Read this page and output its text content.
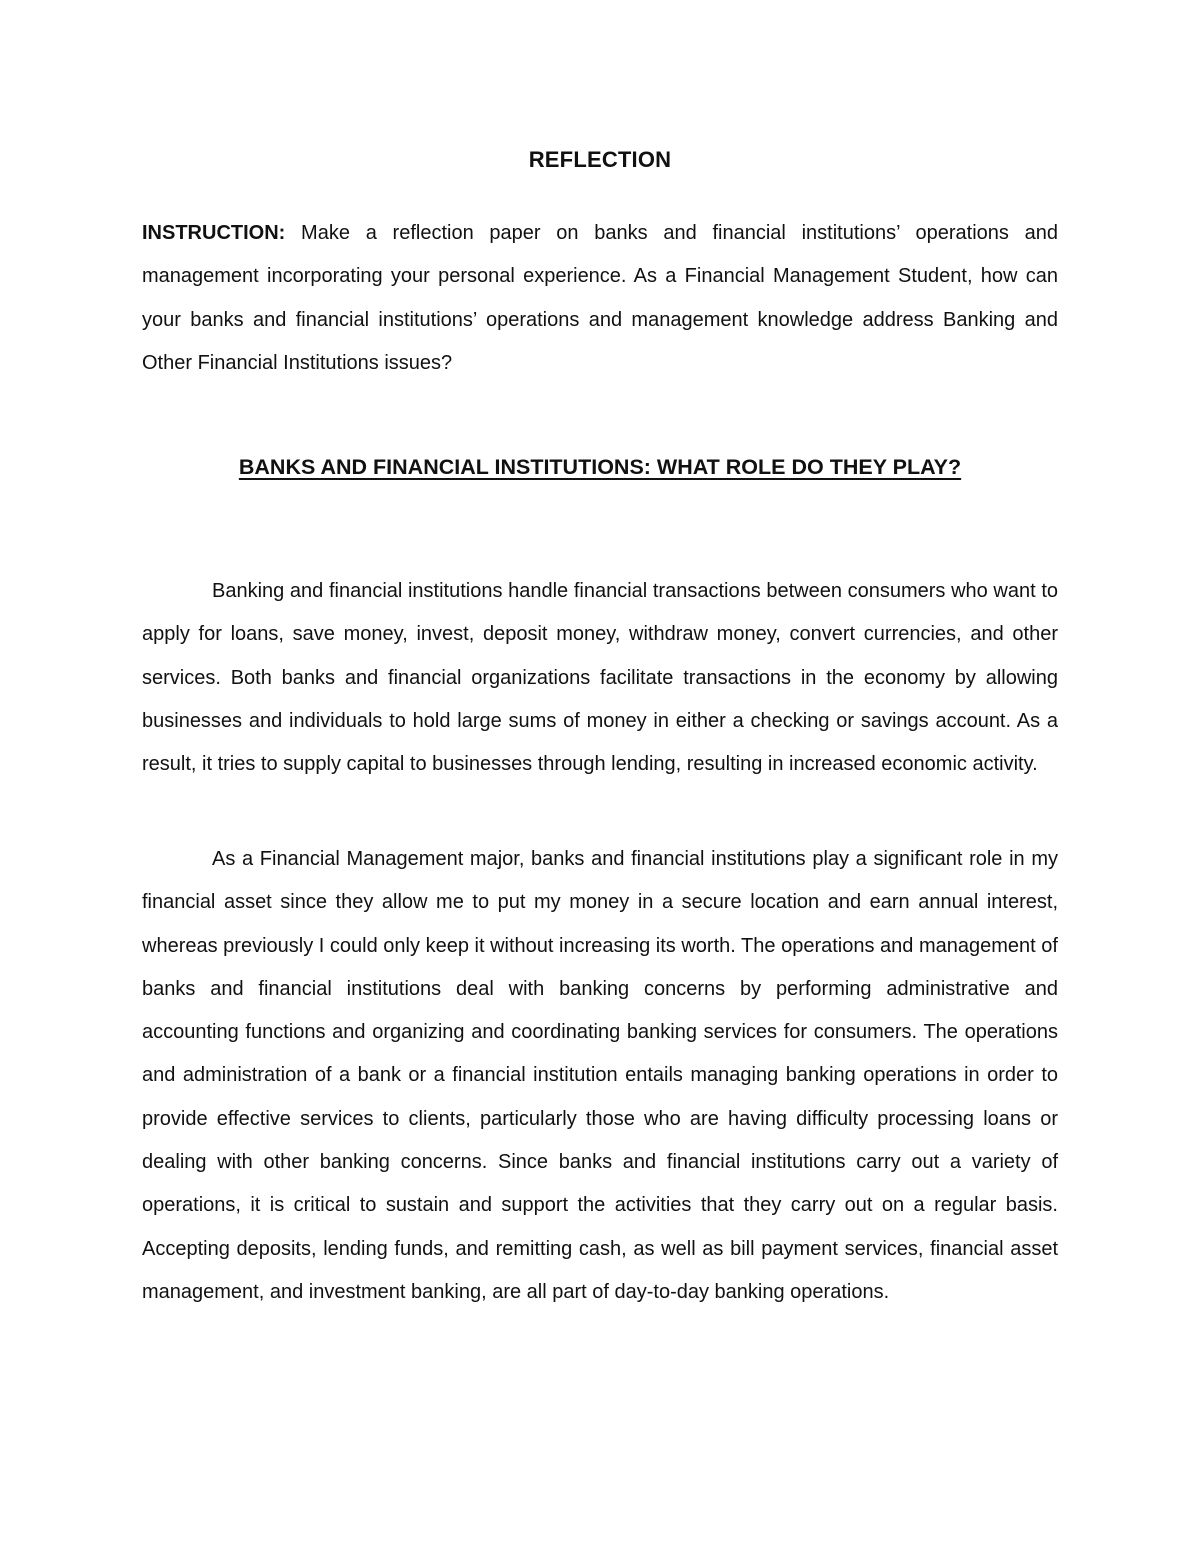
REFLECTION

INSTRUCTION: Make a reflection paper on banks and financial institutions’ operations and management incorporating your personal experience. As a Financial Management Student, how can your banks and financial institutions’ operations and management knowledge address Banking and Other Financial Institutions issues?

BANKS AND FINANCIAL INSTITUTIONS: WHAT ROLE DO THEY PLAY?

Banking and financial institutions handle financial transactions between consumers who want to apply for loans, save money, invest, deposit money, withdraw money, convert currencies, and other services. Both banks and financial organizations facilitate transactions in the economy by allowing businesses and individuals to hold large sums of money in either a checking or savings account. As a result, it tries to supply capital to businesses through lending, resulting in increased economic activity.

As a Financial Management major, banks and financial institutions play a significant role in my financial asset since they allow me to put my money in a secure location and earn annual interest, whereas previously I could only keep it without increasing its worth. The operations and management of banks and financial institutions deal with banking concerns by performing administrative and accounting functions and organizing and coordinating banking services for consumers. The operations and administration of a bank or a financial institution entails managing banking operations in order to provide effective services to clients, particularly those who are having difficulty processing loans or dealing with other banking concerns. Since banks and financial institutions carry out a variety of operations, it is critical to sustain and support the activities that they carry out on a regular basis. Accepting deposits, lending funds, and remitting cash, as well as bill payment services, financial asset management, and investment banking, are all part of day-to-day banking operations.
